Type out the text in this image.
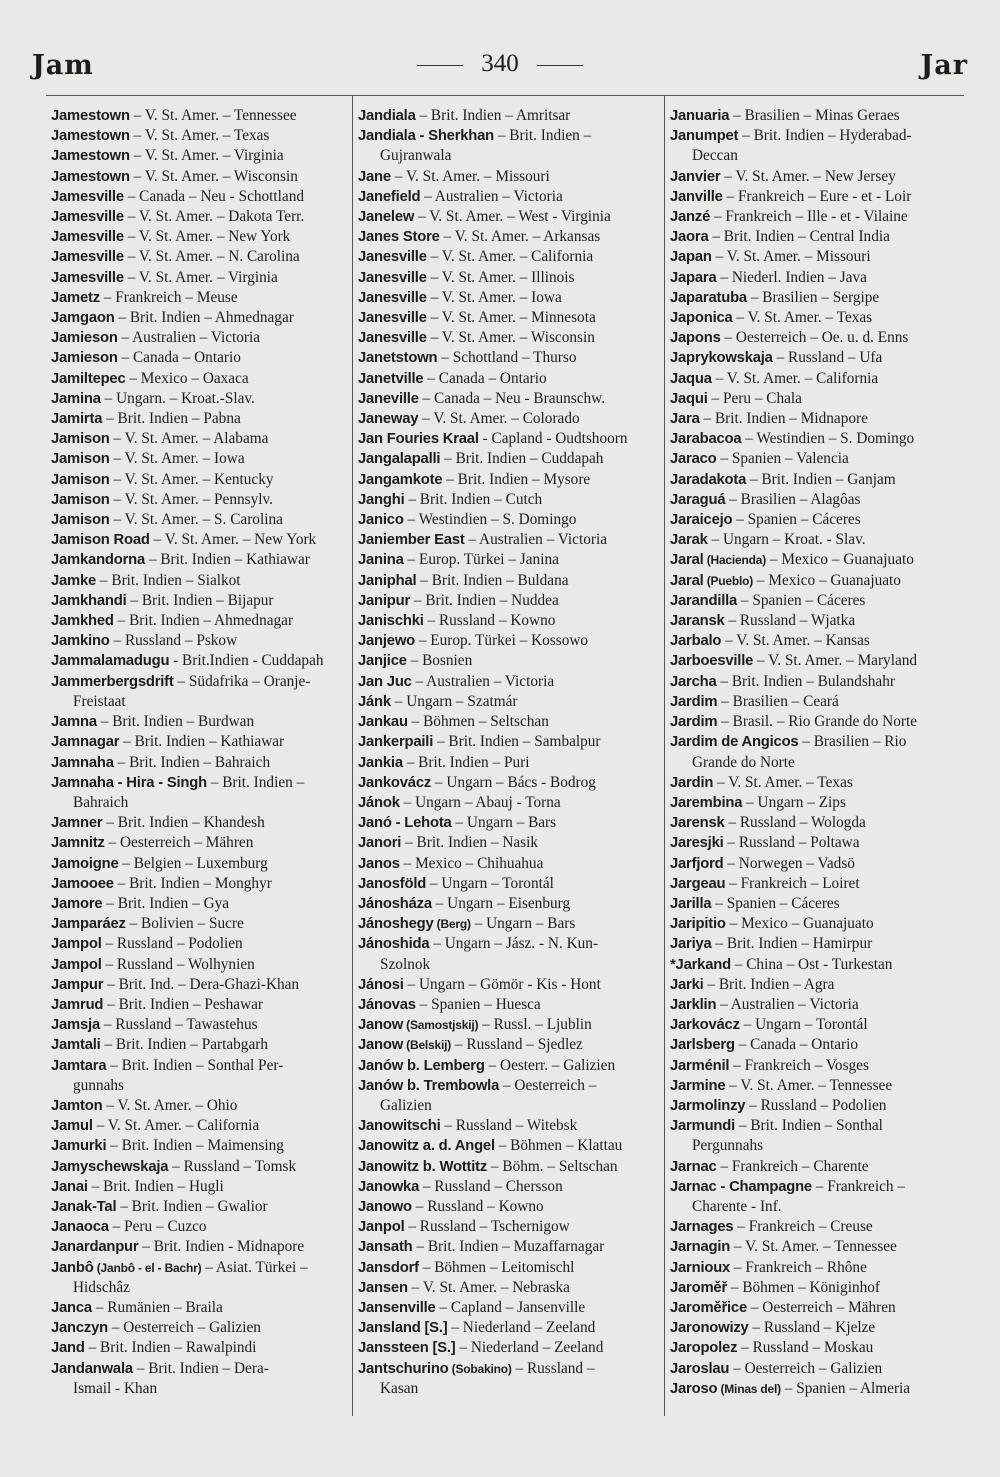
Jam	340	Jar
Jamestown – V. St. Amer. – Tennessee
Jamestown – V. St. Amer. – Texas
Jamestown – V. St. Amer. – Virginia
Jamestown – V. St. Amer. – Wisconsin
Jamesville – Canada – Neu - Schottland
Jamesville – V. St. Amer. – Dakota Terr.
Jamesville – V. St. Amer. – New York
Jamesville – V. St. Amer. – N. Carolina
Jamesville – V. St. Amer. – Virginia
Jametz – Frankreich – Meuse
Jamgaon – Brit. Indien – Ahmednagar
Jamieson – Australien – Victoria
Jamieson – Canada – Ontario
Jamiltepec – Mexico – Oaxaca
Jamina – Ungarn. – Kroat.-Slav.
Jamirta – Brit. Indien – Pabna
Jamison – V. St. Amer. – Alabama
Jamison – V. St. Amer. – Iowa
Jamison – V. St. Amer. – Kentucky
Jamison – V. St. Amer. – Pennsylv.
Jamison – V. St. Amer. – S. Carolina
Jamison Road – V. St. Amer. – New York
Jamkandorna – Brit. Indien – Kathiawar
Jamke – Brit. Indien – Sialkot
Jamkhandi – Brit. Indien – Bijapur
Jamkhed – Brit. Indien – Ahmednagar
Jamkino – Russland – Pskow
Jammalamadugu - Brit.Indien - Cuddapah
Jammerbergsdrift – Südafrika – Oranje-
Freistaat
Jamna – Brit. Indien – Burdwan
Jamnagar – Brit. Indien – Kathiawar
Jamnaha – Brit. Indien – Bahraich
Jamnaha - Hira - Singh – Brit. Indien –
Bahraich
Jamner – Brit. Indien – Khandesh
Jamnitz – Oesterreich – Mähren
Jamoigne – Belgien – Luxemburg
Jamooee – Brit. Indien – Monghyr
Jamore – Brit. Indien – Gya
Jamparáez – Bolivien – Sucre
Jampol – Russland – Podolien
Jampol – Russland – Wolhynien
Jampur – Brit. Ind. – Dera-Ghazi-Khan
Jamrud – Brit. Indien – Peshawar
Jamsja – Russland – Tawastehus
Jamtali – Brit. Indien – Partabgarh
Jamtara – Brit. Indien – Sonthal Per-
gunnahs
Jamton – V. St. Amer. – Ohio
Jamul – V. St. Amer. – California
Jamurki – Brit. Indien – Maimensing
Jamyschewskaja – Russland – Tomsk
Janai – Brit. Indien – Hugli
Janak-Tal – Brit. Indien – Gwalior
Janaoca – Peru – Cuzco
Janardanpur – Brit. Indien - Midnapore
Janbô (Janbô - el - Bachr) – Asiat. Türkei –
Hidschâz
Janca – Rumänien – Braila
Janczyn – Oesterreich – Galizien
Jand – Brit. Indien – Rawalpindi
Jandanwala – Brit. Indien – Dera-
Ismail - Khan
Jandiala – Brit. Indien – Amritsar
Jandiala - Sherkhan – Brit. Indien –
Gujranwala
Jane – V. St. Amer. – Missouri
Janefield – Australien – Victoria
Janelew – V. St. Amer. – West - Virginia
Janes Store – V. St. Amer. – Arkansas
Janesville – V. St. Amer. – California
Janesville – V. St. Amer. – Illinois
Janesville – V. St. Amer. – Iowa
Janesville – V. St. Amer. – Minnesota
Janesville – V. St. Amer. – Wisconsin
Janetstown – Schottland – Thurso
Janetville – Canada – Ontario
Janeville – Canada – Neu - Braunschw.
Janeway – V. St. Amer. – Colorado
Jan Fouries Kraal - Capland - Oudtshoorn
Jangalapalli – Brit. Indien – Cuddapah
Jangamkote – Brit. Indien – Mysore
Janghi – Brit. Indien – Cutch
Janico – Westindien – S. Domingo
Janiember East – Australien – Victoria
Janina – Europ. Türkei – Janina
Janiphal – Brit. Indien – Buldana
Janipur – Brit. Indien – Nuddea
Janischki – Russland – Kowno
Janjewo – Europ. Türkei – Kossowo
Janjice – Bosnien
Jan Juc – Australien – Victoria
Jánk – Ungarn – Szatmár
Jankau – Böhmen – Seltschan
Jankerpaili – Brit. Indien – Sambalpur
Jankia – Brit. Indien – Puri
Jankovácz – Ungarn – Bács - Bodrog
Jánok – Ungarn – Abauj - Torna
Janó - Lehota – Ungarn – Bars
Janori – Brit. Indien – Nasik
Janos – Mexico – Chihuahua
Janosföld – Ungarn – Torontál
Jánosháza – Ungarn – Eisenburg
Jánoshegy (Berg) – Ungarn – Bars
Jánoshida – Ungarn – Jász. - N. Kun-
Szolnok
Jánosi – Ungarn – Gömör - Kis - Hont
Jánovas – Spanien – Huesca
Janow (Samostjskij) – Russl. – Ljublin
Janow (Belskij) – Russland – Sjedlez
Janów b. Lemberg – Oesterr. – Galizien
Janów b. Trembowla – Oesterreich –
Galizien
Janowitschi – Russland – Witebsk
Janowitz a. d. Angel – Böhmen – Klattau
Janowitz b. Wottitz – Böhm. – Seltschan
Janowka – Russland – Chersson
Janowo – Russland – Kowno
Janpol – Russland – Tschernigow
Jansath – Brit. Indien – Muzaffarnagar
Jansdorf – Böhmen – Leitomischl
Jansen – V. St. Amer. – Nebraska
Jansenville – Capland – Jansenville
Jansland [S.] – Niederland – Zeeland
Janssteen [S.] – Niederland – Zeeland
Jantschurino (Sobakino) – Russland –
Kasan
Januaria – Brasilien – Minas Geraes
Janumpet – Brit. Indien – Hyderabad-
Deccan
Janvier – V. St. Amer. – New Jersey
Janville – Frankreich – Eure - et - Loir
Janzé – Frankreich – Ille - et - Vilaine
Jaora – Brit. Indien – Central India
Japan – V. St. Amer. – Missouri
Japara – Niederl. Indien – Java
Japaratuba – Brasilien – Sergipe
Japonica – V. St. Amer. – Texas
Japons – Oesterreich – Oe. u. d. Enns
Japrykowskaja – Russland – Ufa
Jaqua – V. St. Amer. – California
Jaqui – Peru – Chala
Jara – Brit. Indien – Midnapore
Jarabacoa – Westindien – S. Domingo
Jaraco – Spanien – Valencia
Jaradakota – Brit. Indien – Ganjam
Jaraguá – Brasilien – Alagôas
Jaraicejo – Spanien – Cáceres
Jarak – Ungarn – Kroat. - Slav.
Jaral (Hacienda) – Mexico – Guanajuato
Jaral (Pueblo) – Mexico – Guanajuato
Jarandilla – Spanien – Cáceres
Jaransk – Russland – Wjatka
Jarbalo – V. St. Amer. – Kansas
Jarboesville – V. St. Amer. – Maryland
Jarcha – Brit. Indien – Bulandshahr
Jardim – Brasilien – Ceará
Jardim – Brasil. – Rio Grande do Norte
Jardim de Angicos – Brasilien – Rio
Grande do Norte
Jardin – V. St. Amer. – Texas
Jarembina – Ungarn – Zips
Jarensk – Russland – Wologda
Jaresjki – Russland – Poltawa
Jarfjord – Norwegen – Vadsö
Jargeau – Frankreich – Loiret
Jarilla – Spanien – Cáceres
Jaripitio – Mexico – Guanajuato
Jariya – Brit. Indien – Hamirpur
*Jarkand – China – Ost - Turkestan
Jarki – Brit. Indien – Agra
Jarklin – Australien – Victoria
Jarkovácz – Ungarn – Torontál
Jarlsberg – Canada – Ontario
Jarménil – Frankreich – Vosges
Jarmine – V. St. Amer. – Tennessee
Jarmolinzy – Russland – Podolien
Jarmundi – Brit. Indien – Sonthal
Pergunnahs
Jarnac – Frankreich – Charente
Jarnac - Champagne – Frankreich –
Charente - Inf.
Jarnages – Frankreich – Creuse
Jarnagin – V. St. Amer. – Tennessee
Jarnioux – Frankreich – Rhône
Jaroměř – Böhmen – Königinhof
Jaroměřice – Oesterreich – Mähren
Jaronowizy – Russland – Kjelze
Jaropolez – Russland – Moskau
Jaroslau – Oesterreich – Galizien
Jaroso (Minas del) – Spanien – Almeria
